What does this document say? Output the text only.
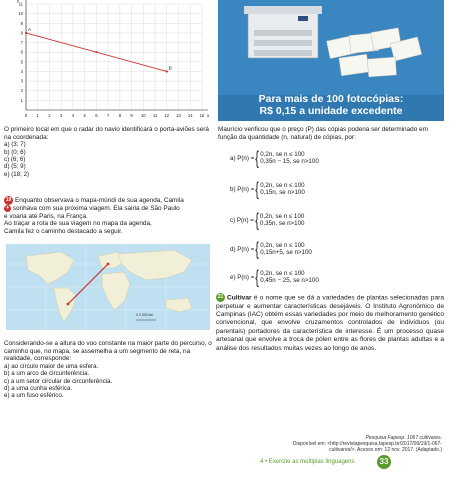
0 1 2 3 4 5 6 7 8 9 10 11 12 13 14 15
1
2
3
4
5
6
7
8
9
10
11
x
y
A
B
O primeiro local em que o radar do navio identificará o porta-aviões será na coordenada:
a) (3; 7)
b) (0; 6)
c) (6; 6)
d) (5; 9)
e) (18; 2)
19 Enquanto observava o mapa-múndi de sua agenda, Camila
✈ sonhava com sua próxima viagem. Ela sairia de São Paulo
e voaria até Paris, na França.
Ao traçar a rota de sua viagem no mapa da agenda,
Camila fez o caminho destacado a seguir.
0 3.000 km
Considerando-se a altura do voo constante na maior parte do percurso, o caminho que, no mapa, se assemelha a um segmento de reta, na realidade, corresponde:
a) ao círculo maior de uma esfera.
b) a um arco de circunferência.
c) a um setor circular de circunferência.
d) a uma cunha esférica.
e) a um fuso esférico.
Para mais de 100 fotocópias:
R$ 0,15 a unidade excedente
Maurício verificou que o preço (P) das cópias poderia ser determinado em função da quantidade (n, natural) de cópias, por:
a) P(n) = { 0,2n, se n ≤ 100
0,35n − 15, se n>100
b) P(n) = { 0,2n, se n ≤ 100
0,15n, se n>100
c) P(n) = { 0,2n, se n ≤ 100
0,35n, se n>100
d) P(n) = { 0,2n, se n ≤ 100
0,15n+5, se n>100
e) P(n) = { 0,2n, se n ≤ 100
0,45n − 25, se n>100
21 Cultivar é o nome que se dá a variedades de plantas selecionadas para perpetuar e aumentar características desejáveis. O Instituto Agronômico de Campinas (IAC) obtém essas variedades por meio de melhoramento genético convencional, que envolve cruzamentos controlados de indivíduos (ou parentais) portadores da característica de interesse. É um processo quase artesanal que envolve a troca de pólen entre as flores de plantas adultas e a análise dos resultados muitas vezes ao longo de anos.
Pesquisa Fapesp. 1067 cultivares.
Disponível em: <http://revistapesquisa.fapesp.br/2017/09/19/1-067-
cultivares/>. Acesso em: 12 nov. 2017. (Adaptado.)
4 • Exercite as múltiplas linguagens	33
